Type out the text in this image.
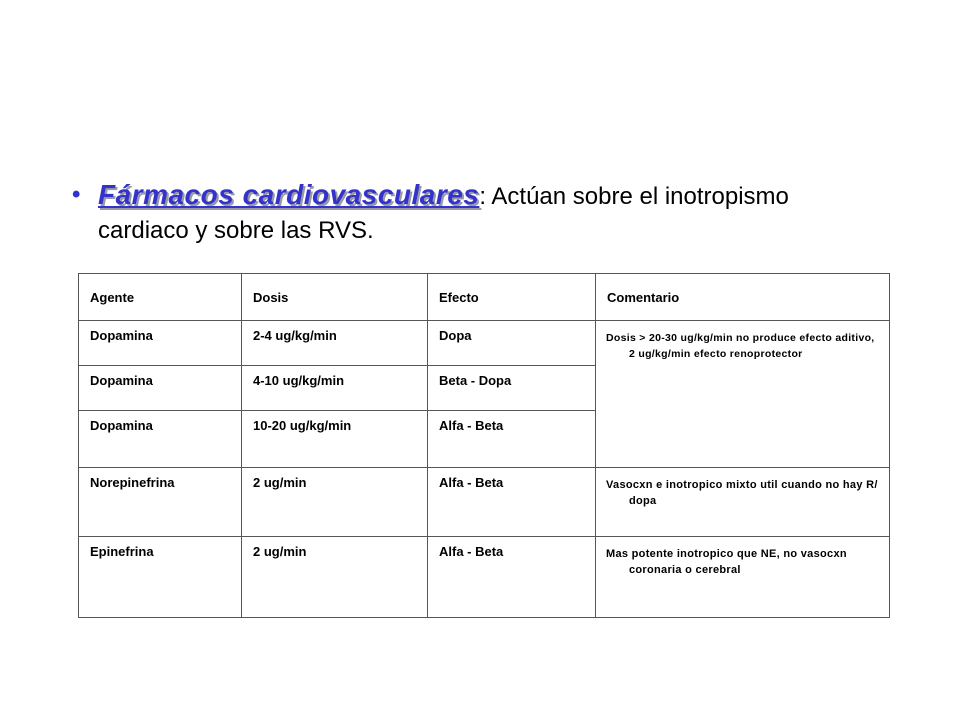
• Fármacos cardiovasculares: Actúan sobre el inotropismo cardiaco y sobre las RVS.
Agente	Dosis	Efecto	Comentario
Dopamina	2-4 ug/kg/min	Dopa	Dosis > 20-30 ug/kg/min no produce efecto aditivo, 2 ug/kg/min efecto renoprotector

Dopamina	4-10 ug/kg/min	Beta - Dopa	
Dopamina	10-20 ug/kg/min	Alfa - Beta	
Norepinefrina	2 ug/min	Alfa - Beta	Vasocxn e inotropico mixto util cuando no hay R/ dopa

Epinefrina	2 ug/min	Alfa - Beta	Mas potente inotropico que NE, no vasocxn coronaria o cerebral
